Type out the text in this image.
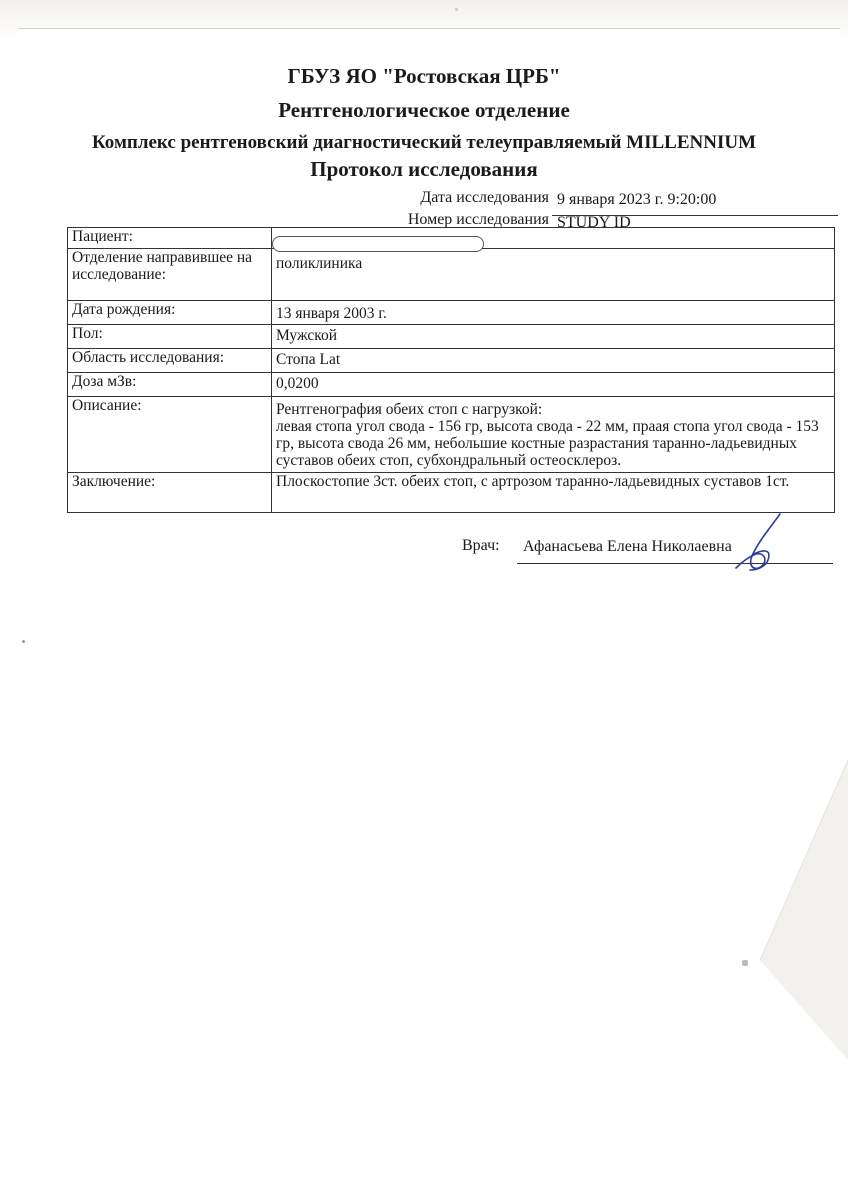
ГБУЗ ЯО "Ростовская ЦРБ"
Рентгенологическое отделение
Комплекс рентгеновский диагностический телеуправляемый MILLENNIUM
Протокол исследования
Дата исследования 9 января 2023 г. 9:20:00
Номер исследования STUDY ID
Пациент:	
Отделение направившее на исследование:	поликлиника
Дата рождения:	13 января 2003 г.
Пол:	Мужской
Область исследования:	Стопа Lat
Доза мЗв:	0,0200
Описание:	Рентгенография обеих стоп с нагрузкой:
левая стопа угол свода - 156 гр, высота свода - 22 мм, праая стопа угол свода - 153 гр, высота свода 26 мм, небольшие костные разрастания таранно-ладьевидных суставов обеих стоп, субхондральный остеосклероз.
Заключение:	Плоскостопие 3ст. обеих стоп, с артрозом таранно-ладьевидных суставов 1ст.
Врач: Афанасьева Елена Николаевна
